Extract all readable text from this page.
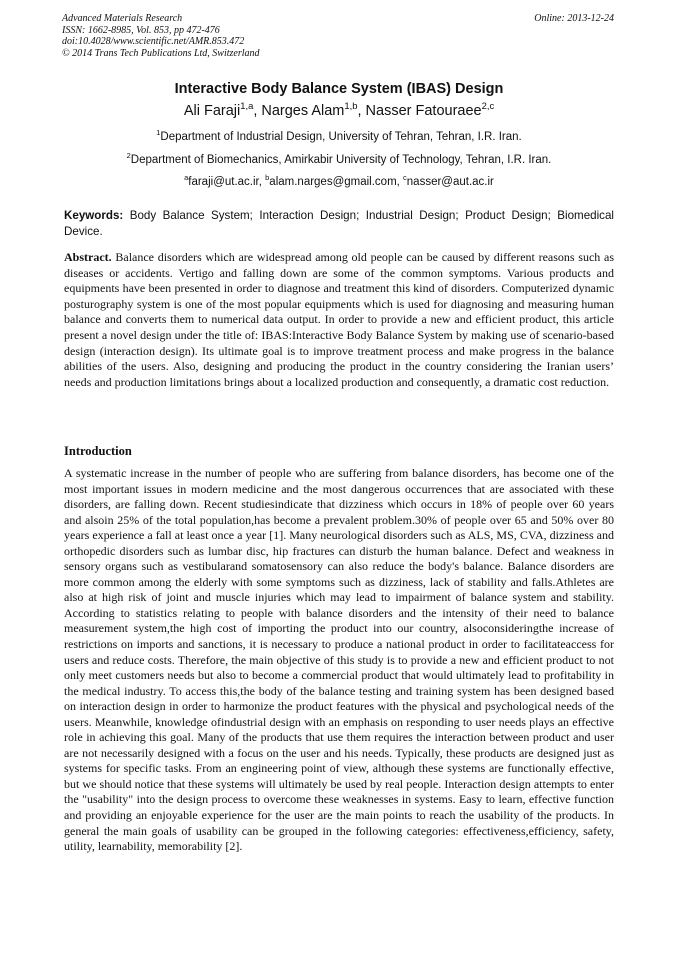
Advanced Materials Research
ISSN: 1662-8985, Vol. 853, pp 472-476
doi:10.4028/www.scientific.net/AMR.853.472
© 2014 Trans Tech Publications Ltd, Switzerland
Online: 2013-12-24
Interactive Body Balance System (IBAS) Design
Ali Faraji$^{1,a}$, Narges Alam$^{1,b}$, Nasser Fatouraee$^{2,c}$
$^1$Department of Industrial Design, University of Tehran, Tehran, I.R. Iran.
$^2$Department of Biomechanics, Amirkabir University of Technology, Tehran, I.R. Iran.
$^a$faraji@ut.ac.ir, $^b$alam.narges@gmail.com, $^c$nasser@aut.ac.ir
Keywords: Body Balance System; Interaction Design; Industrial Design; Product Design; Biomedical Device.
Abstract. Balance disorders which are widespread among old people can be caused by different reasons such as diseases or accidents. Vertigo and falling down are some of the common symptoms. Various products and equipments have been presented in order to diagnose and treatment this kind of disorders. Computerized dynamic posturography system is one of the most popular equipments which is used for diagnosing and measuring human balance and converts them to numerical data output. In order to provide a new and efficient product, this article present a novel design under the title of: IBAS:Interactive Body Balance System by making use of scenario-based design (interaction design). Its ultimate goal is to improve treatment process and make progress in the balance abilities of the users. Also, designing and producing the product in the country considering the Iranian users’ needs and production limitations brings about a localized production and consequently, a dramatic cost reduction.
Introduction
A systematic increase in the number of people who are suffering from balance disorders, has become one of the most important issues in modern medicine and the most dangerous occurrences that are associated with these disorders, are falling down. Recent studiesindicate that dizziness which occurs in 18% of people over 60 years and alsoin 25% of the total population,has become a prevalent problem.30% of people over 65 and 50% over 80 years experience a fall at least once a year [1]. Many neurological disorders such as ALS, MS, CVA, dizziness and orthopedic disorders such as lumbar disc, hip fractures can disturb the human balance. Defect and weakness in sensory organs such as vestibularand somatosensory can also reduce the body's balance. Balance disorders are more common among the elderly with some symptoms such as dizziness, lack of stability and falls.Athletes are also at high risk of joint and muscle injuries which may lead to impairment of balance system and stability. According to statistics relating to people with balance disorders and the intensity of their need to balance measurement system,the high cost of importing the product into our country, alsoconsideringthe increase of restrictions on imports and sanctions, it is necessary to produce a national product in order to facilitateaccess for users and reduce costs. Therefore, the main objective of this study is to provide a new and efficient product to not only meet customers needs but also to become a commercial product that would ultimately lead to profitability in the medical industry. To access this,the body of the balance testing and training system has been designed based on interaction design in order to harmonize the product features with the physical and psychological needs of the users. Meanwhile, knowledge ofindustrial design with an emphasis on responding to user needs plays an effective role in achieving this goal. Many of the products that use them requires the interaction between product and user are not necessarily designed with a focus on the user and his needs. Typically, these products are designed just as systems for specific tasks. From an engineering point of view, although these systems are functionally effective, but we should notice that these systems will ultimately be used by real people. Interaction design attempts to enter the "usability" into the design process to overcome these weaknesses in systems. Easy to learn, effective function and providing an enjoyable experience for the user are the main points to reach the usability of the products. In general the main goals of usability can be grouped in the following categories: effectiveness,efficiency, safety, utility, learnability, memorability [2].
